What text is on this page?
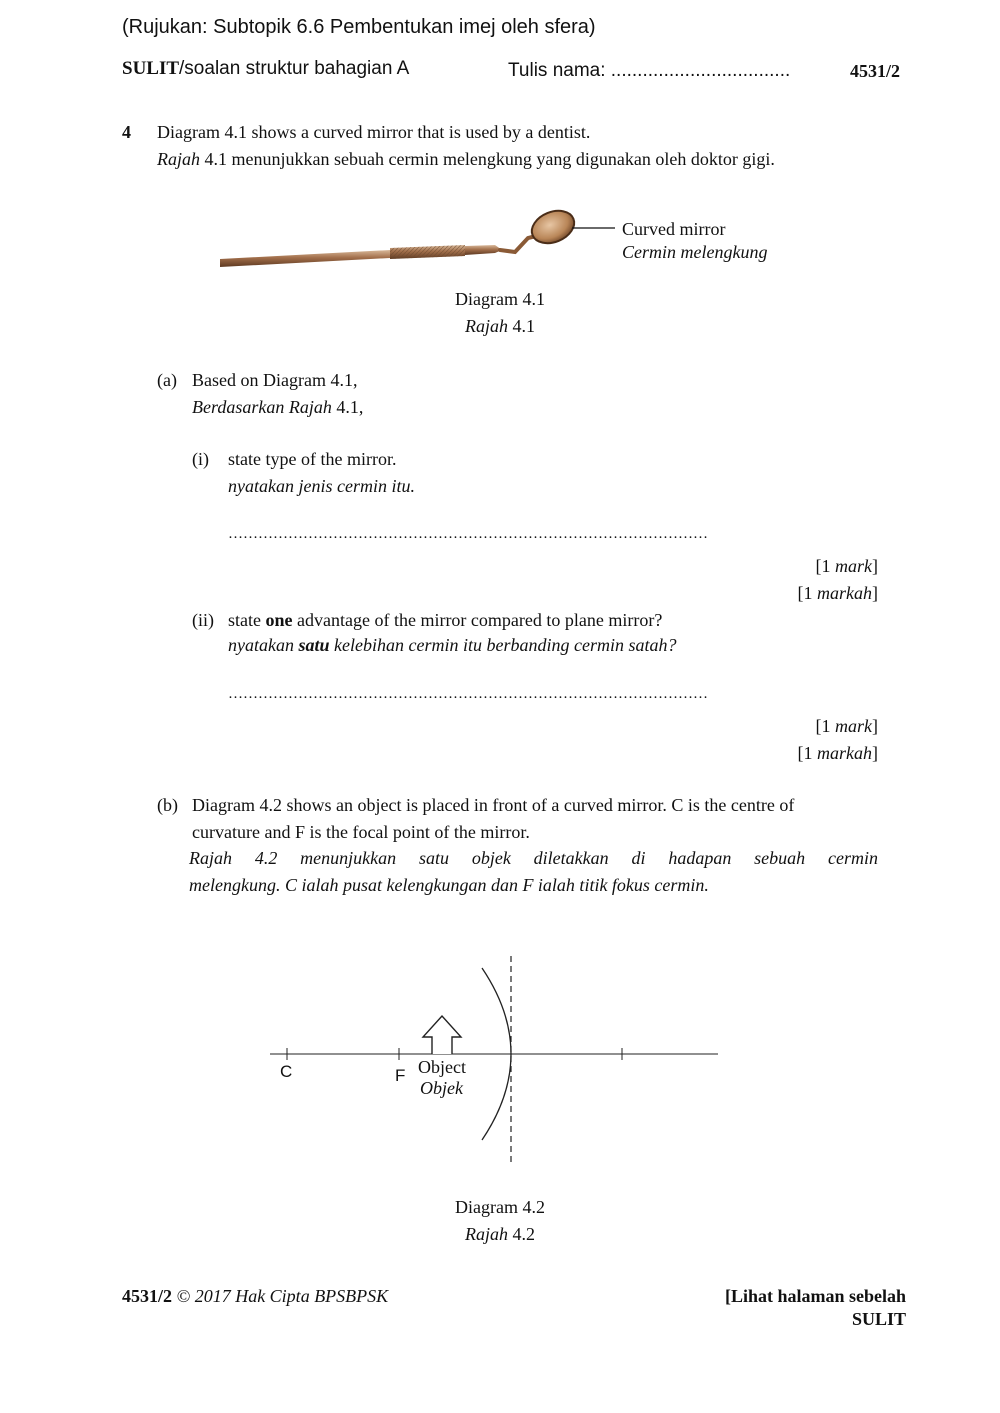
(Rujukan: Subtopik 6.6 Pembentukan imej oleh sfera)
SULIT/soalan struktur bahagian A	Tulis nama: ..................................	4531/2
4 Diagram 4.1 shows a curved mirror that is used by a dentist.
Rajah 4.1 menunjukkan sebuah cermin melengkung yang digunakan oleh doktor gigi.
Curved mirror
Cermin melengkung
Diagram 4.1
Rajah 4.1
(a) Based on Diagram 4.1,
Berdasarkan Rajah 4.1,
(i) state type of the mirror.
nyatakan jenis cermin itu.
……………………………………………………………………………………
[1 mark]
[1 markah]
(ii) state one advantage of the mirror compared to plane mirror?
nyatakan satu kelebihan cermin itu berbanding cermin satah?
……………………………………………………………………………………
[1 mark]
[1 markah]
(b) Diagram 4.2 shows an object is placed in front of a curved mirror. C is the centre of
curvature and F is the focal point of the mirror.
Rajah 4.2 menunjukkan satu objek diletakkan di hadapan sebuah cermin
melengkung. C ialah pusat kelengkungan dan F ialah titik fokus cermin.
C	F Object
Objek
Diagram 4.2
Rajah 4.2
4531/2 © 2017 Hak Cipta BPSBPSK	[Lihat halaman sebelah
SULIT
